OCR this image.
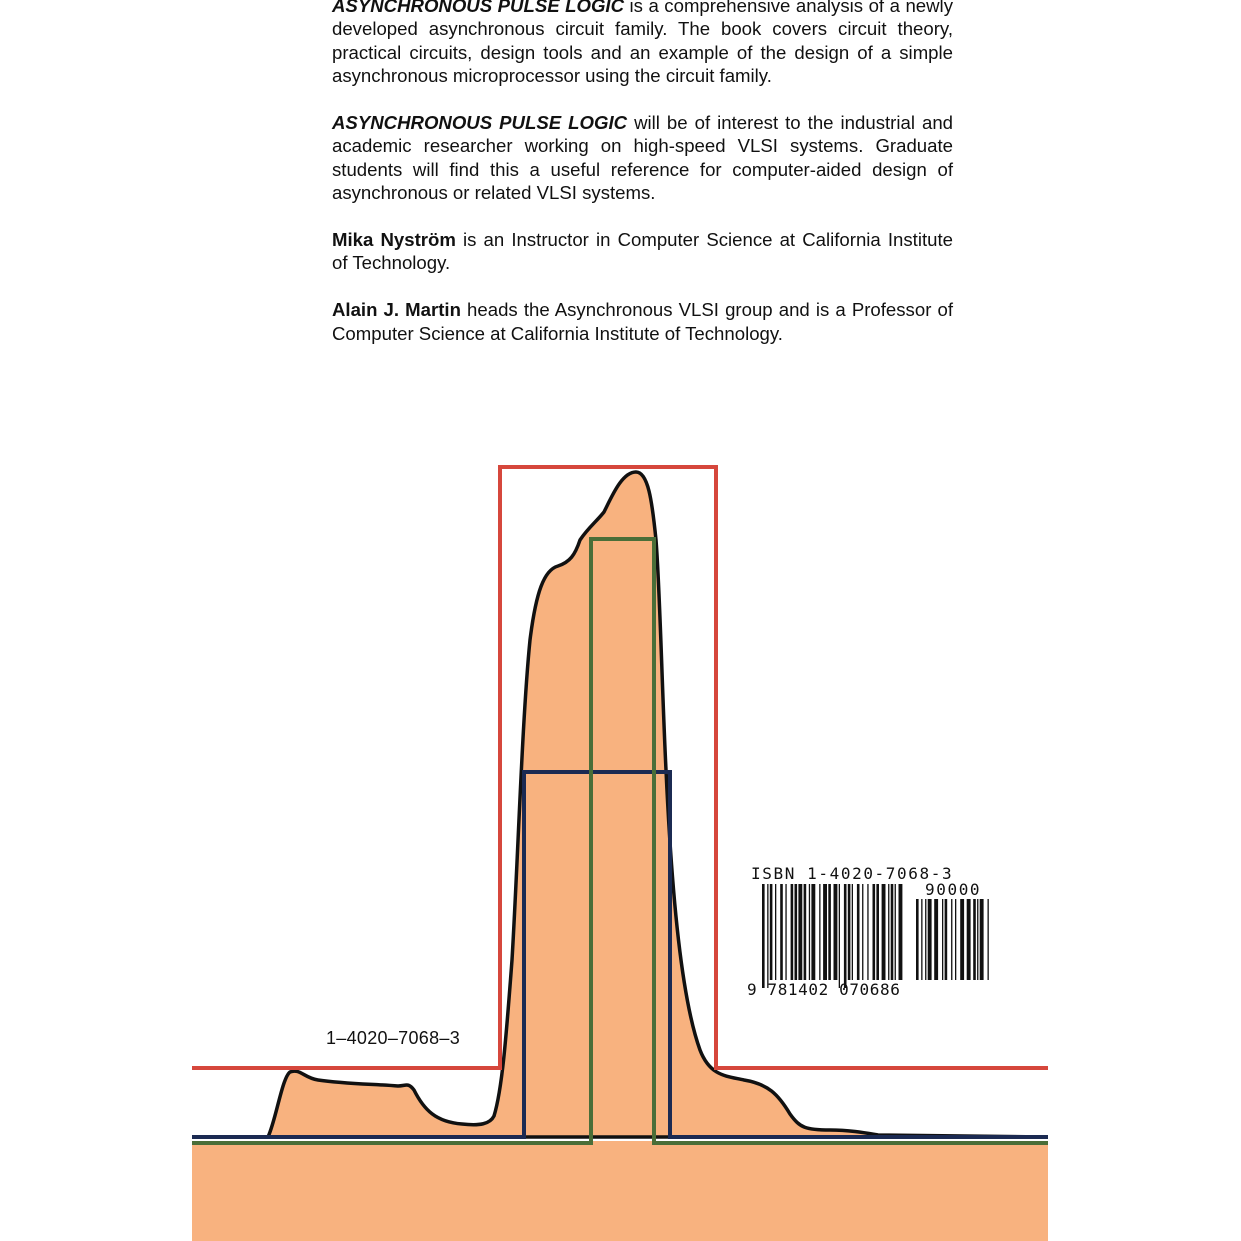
ASYNCHRONOUS PULSE LOGIC is a comprehensive analysis of a newly developed asynchronous circuit family. The book covers circuit theory, practical circuits, design tools and an example of the design of a simple asynchronous microprocessor using the circuit family.

ASYNCHRONOUS PULSE LOGIC will be of interest to the industrial and academic researcher working on high-speed VLSI systems. Graduate students will find this a useful reference for computer-aided design of asynchronous or related VLSI systems.

Mika Nyström is an Instructor in Computer Science at California Institute of Technology.

Alain J. Martin heads the Asynchronous VLSI group and is a Professor of Computer Science at California Institute of Technology.

1–4020–7068–3
ISBN 1-4020-7068-3
90000
9 781402 070686
